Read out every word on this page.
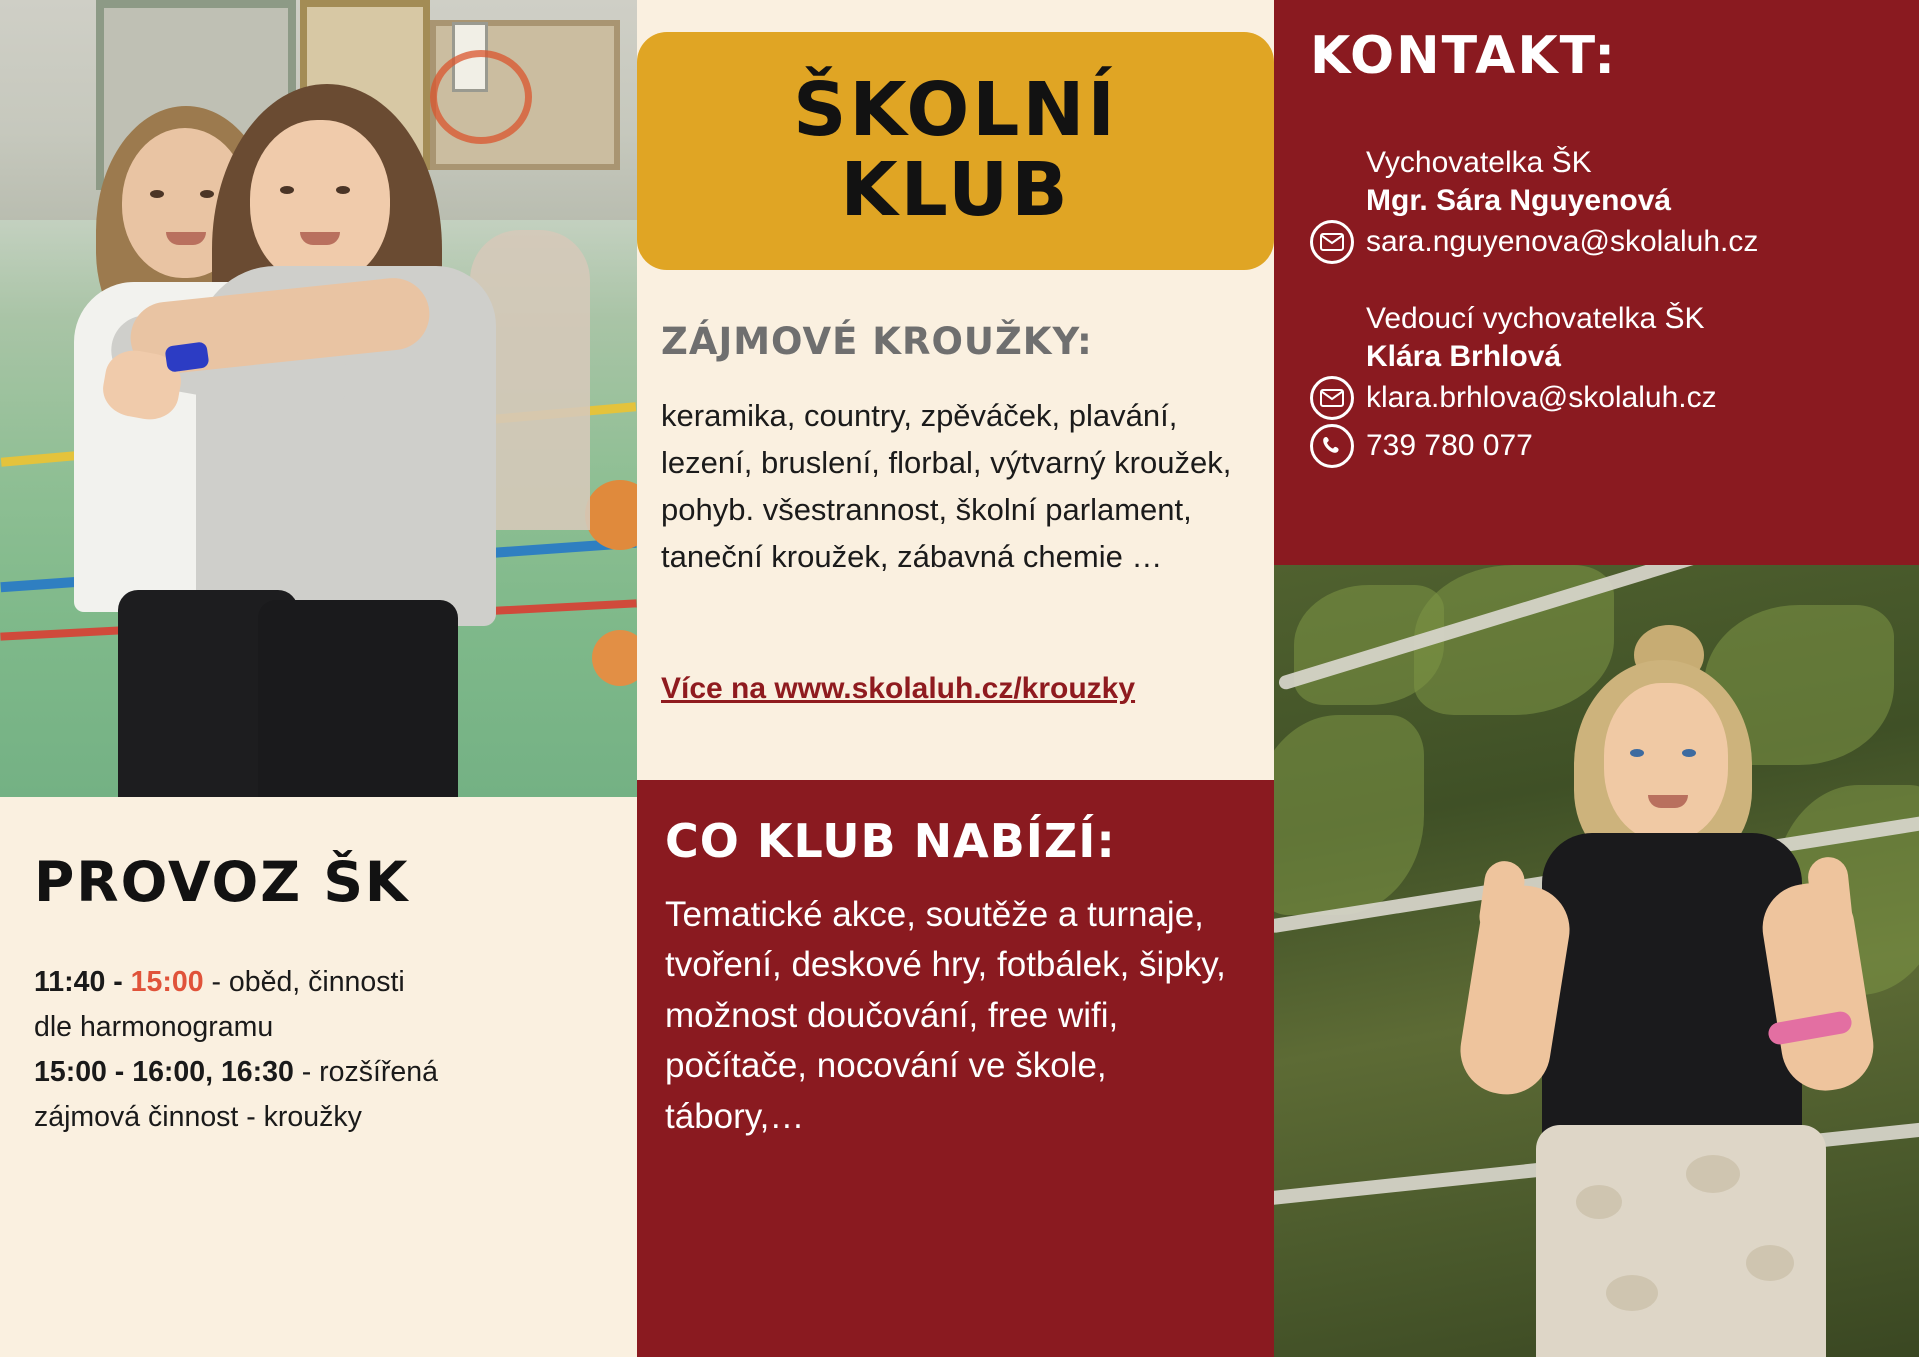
PROVOZ ŠK
11:40 - 15:00 - oběd, činnosti
dle harmonogramu
15:00 - 16:00, 16:30 - rozšířená
zájmová činnost - kroužky
ŠKOLNÍ
KLUB
ZÁJMOVÉ KROUŽKY:
keramika, country, zpěváček, plavání, lezení, bruslení, florbal, výtvarný kroužek, pohyb. všestrannost, školní parlament, taneční kroužek, zábavná chemie …
Více na www.skolaluh.cz/krouzky
CO KLUB NABÍZÍ:
Tematické akce, soutěže a turnaje, tvoření, deskové hry, fotbálek, šipky, možnost doučování, free wifi, počítače, nocování ve škole, tábory,…
KONTAKT:
Vychovatelka ŠK
Mgr. Sára Nguyenová
sara.nguyenova@skolaluh.cz
Vedoucí vychovatelka ŠK
Klára Brhlová
klara.brhlova@skolaluh.cz
739 780 077
